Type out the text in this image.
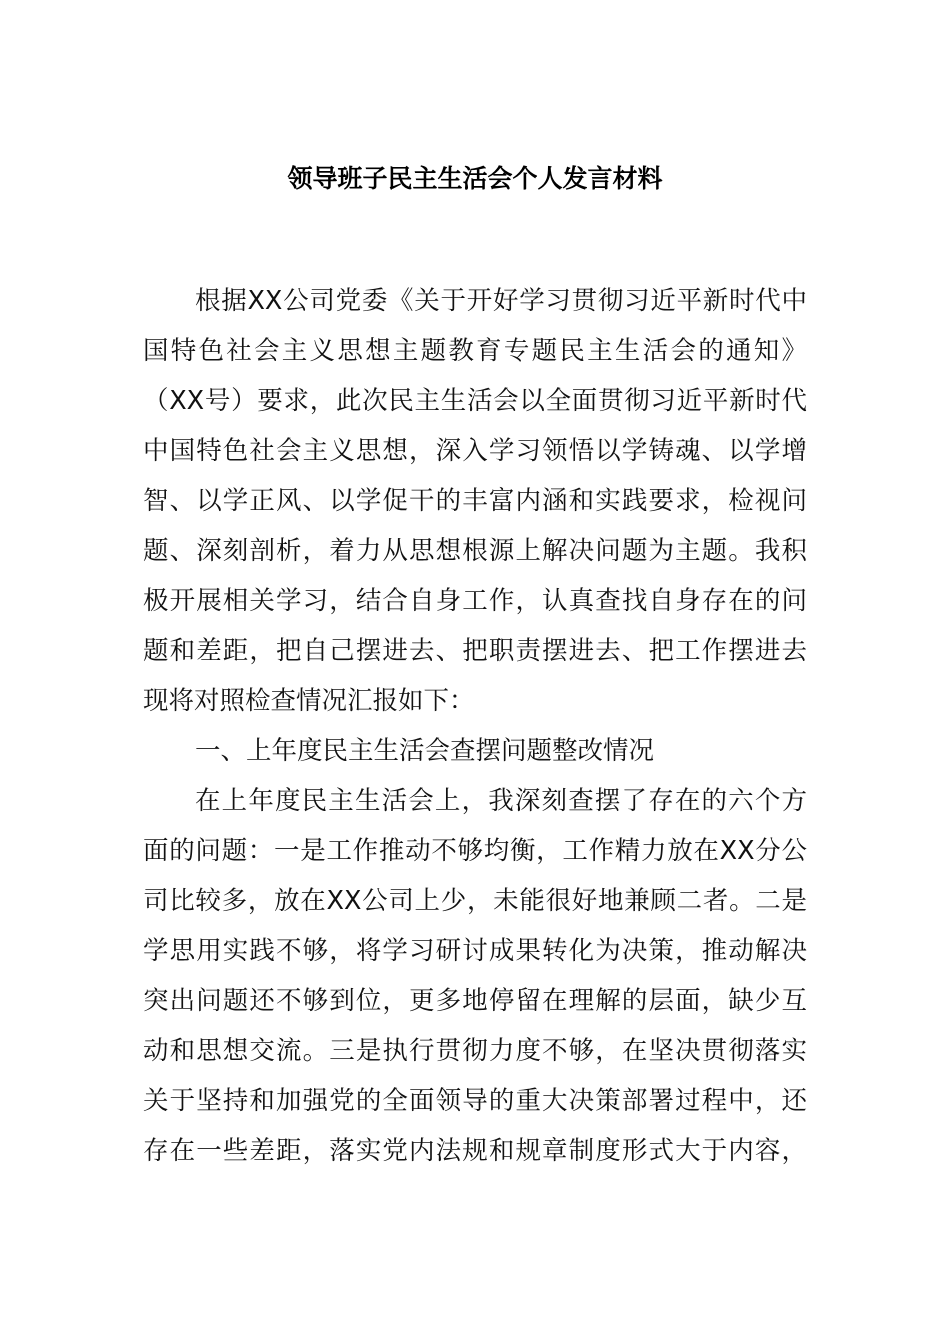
领导班子民主生活会个人发言材料
根据XX公司党委《关于开好学习贯彻习近平新时代中
国特色社会主义思想主题教育专题民主生活会的通知》
（XX号）要求，此次民主生活会以全面贯彻习近平新时代
中国特色社会主义思想，深入学习领悟以学铸魂、以学增
智、以学正风、以学促干的丰富内涵和实践要求，检视问
题、深刻剖析，着力从思想根源上解决问题为主题。我积
极开展相关学习，结合自身工作，认真查找自身存在的问
题和差距，把自己摆进去、把职责摆进去、把工作摆进去
现将对照检查情况汇报如下：
一、上年度民主生活会查摆问题整改情况
在上年度民主生活会上，我深刻查摆了存在的六个方
面的问题：一是工作推动不够均衡，工作精力放在XX分公
司比较多，放在XX公司上少，未能很好地兼顾二者。二是
学思用实践不够，将学习研讨成果转化为决策，推动解决
突出问题还不够到位，更多地停留在理解的层面，缺少互
动和思想交流。三是执行贯彻力度不够，在坚决贯彻落实
关于坚持和加强党的全面领导的重大决策部署过程中，还
存在一些差距，落实党内法规和规章制度形式大于内容，
